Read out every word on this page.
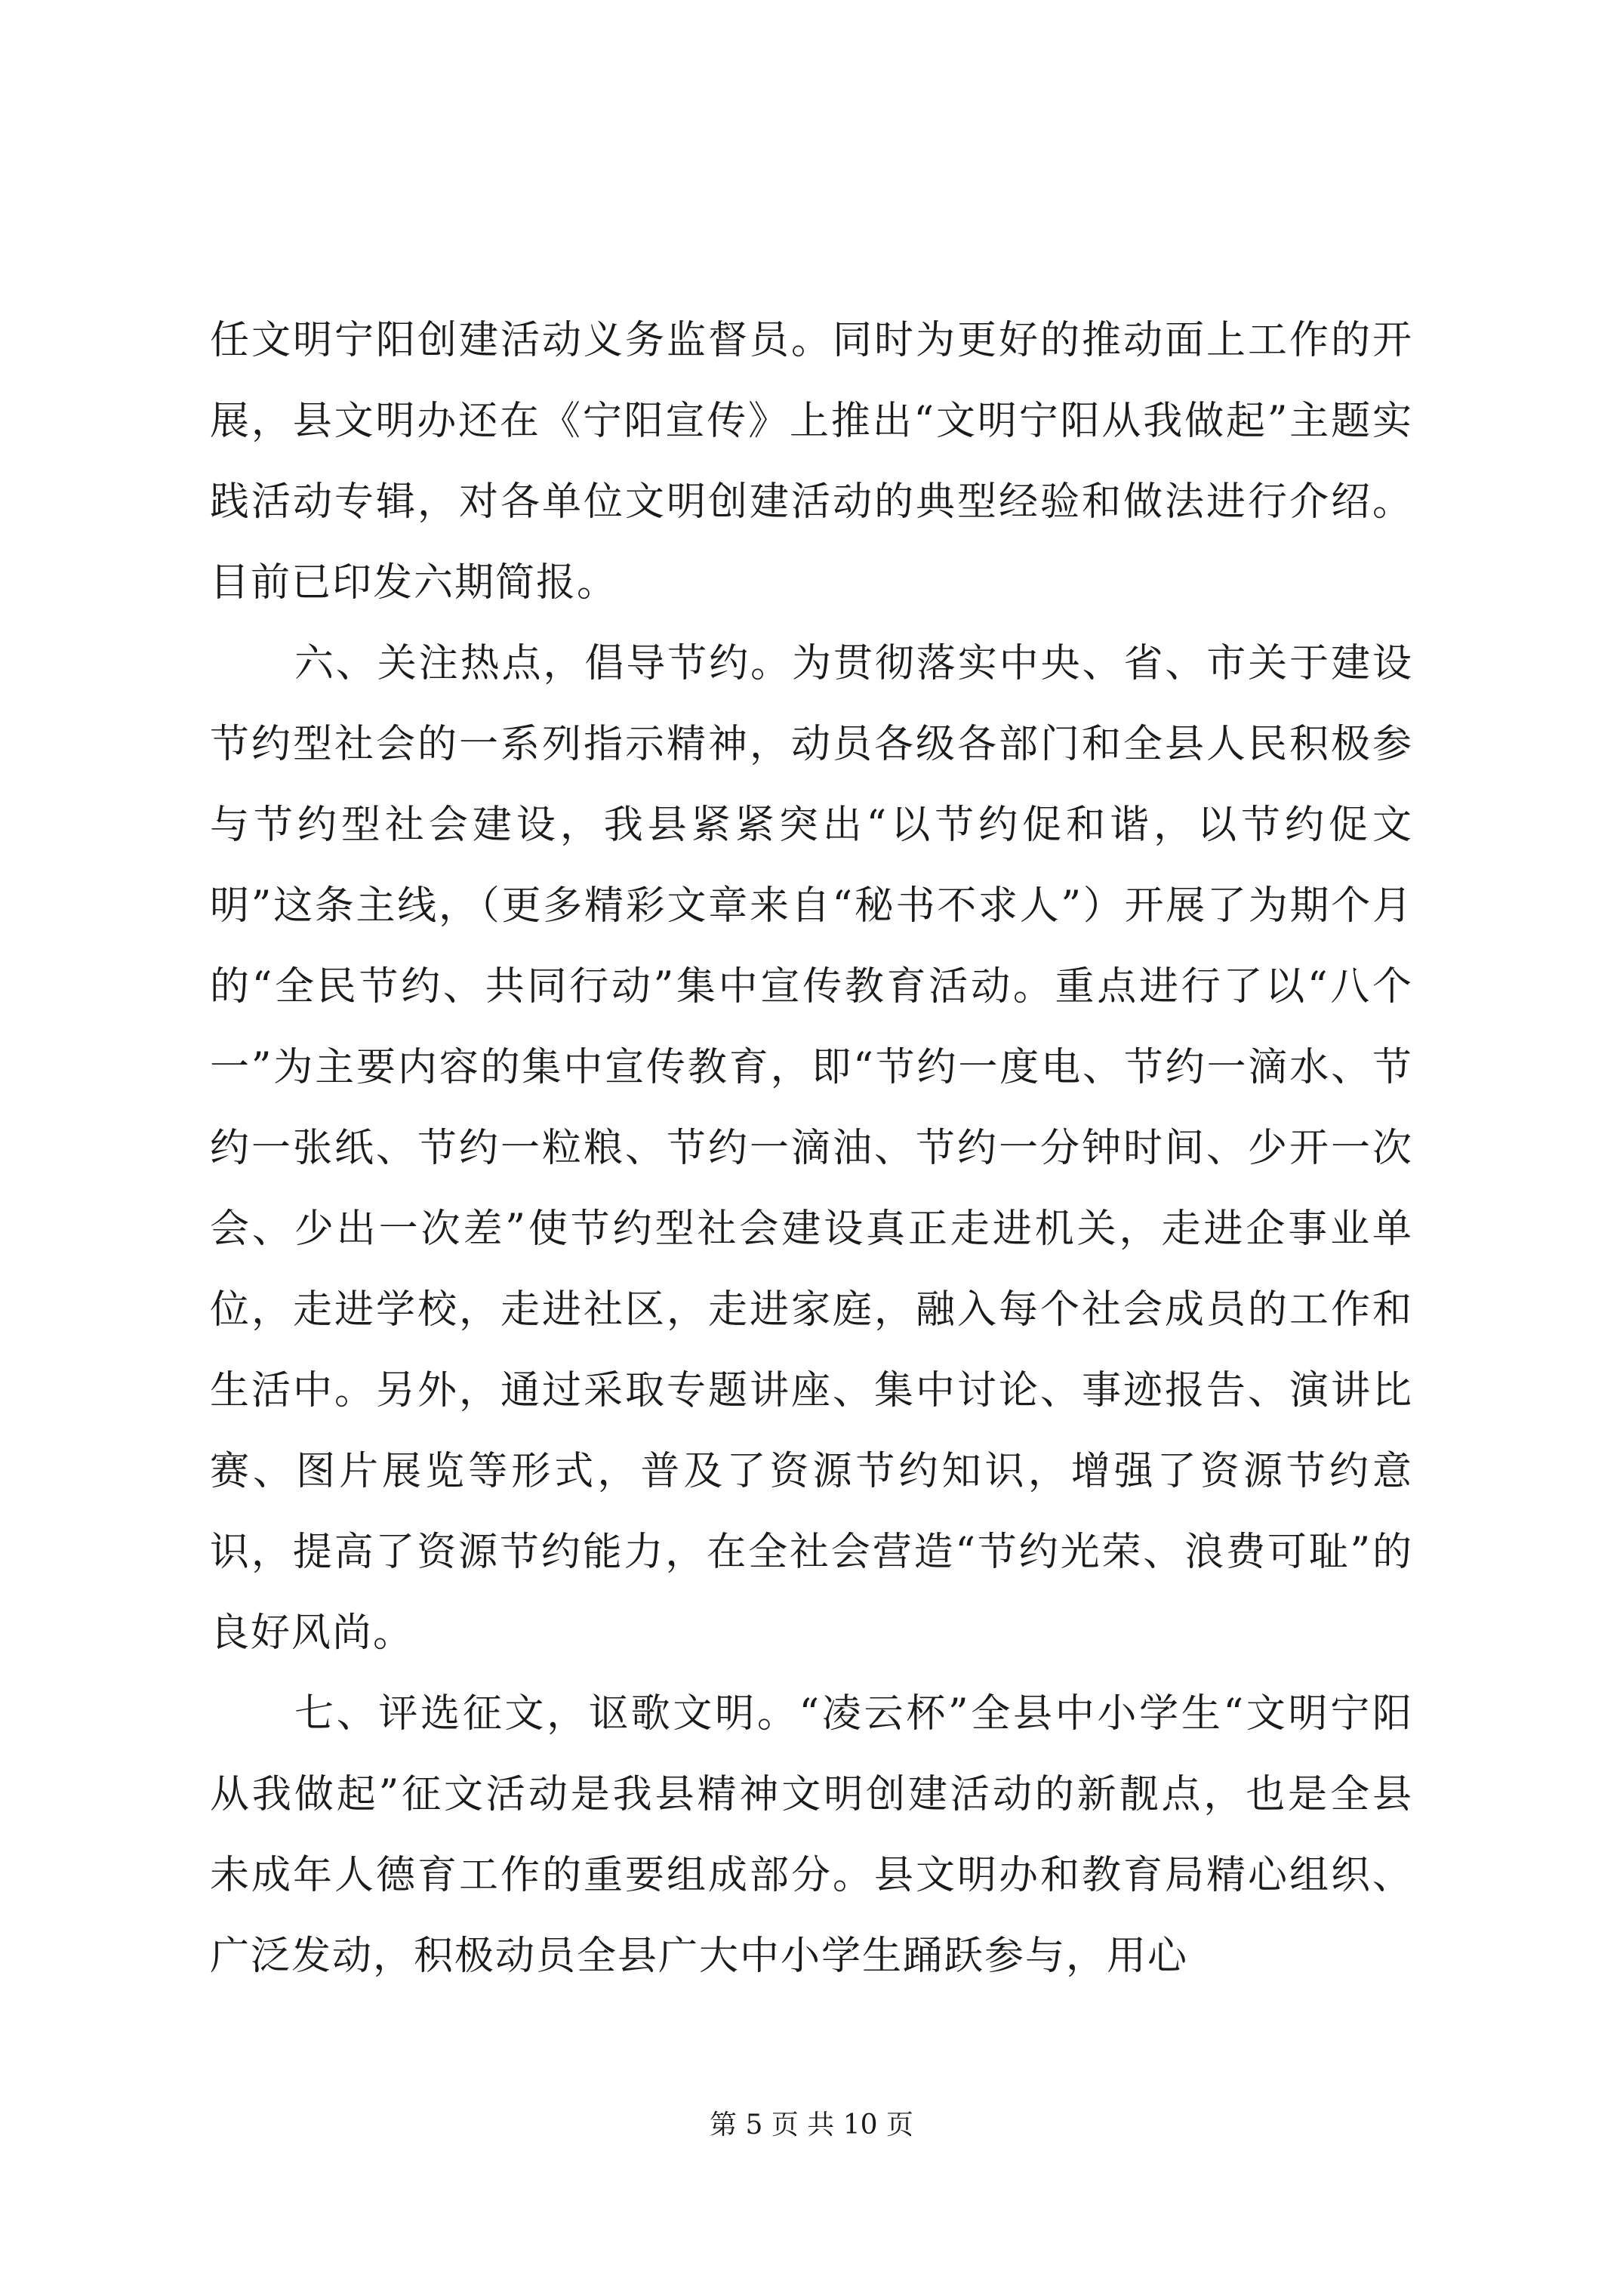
任文明宁阳创建活动义务监督员。同时为更好的推动面上工作的开展，县文明办还在《宁阳宣传》上推出“文明宁阳从我做起”主题实践活动专辑，对各单位文明创建活动的典型经验和做法进行介绍。目前已印发六期简报。

六、关注热点，倡导节约。为贯彻落实中央、省、市关于建设节约型社会的一系列指示精神，动员各级各部门和全县人民积极参与节约型社会建设，我县紧紧突出“以节约促和谐，以节约促文明”这条主线，（更多精彩文章来自“秘书不求人”）开展了为期个月的“全民节约、共同行动”集中宣传教育活动。重点进行了以“八个一”为主要内容的集中宣传教育，即“节约一度电、节约一滴水、节约一张纸、节约一粒粮、节约一滴油、节约一分钟时间、少开一次会、少出一次差”使节约型社会建设真正走进机关，走进企事业单位，走进学校，走进社区，走进家庭，融入每个社会成员的工作和生活中。另外，通过采取专题讲座、集中讨论、事迹报告、演讲比赛、图片展览等形式，普及了资源节约知识，增强了资源节约意识，提高了资源节约能力，在全社会营造“节约光荣、浪费可耻”的良好风尚。

七、评选征文，讴歌文明。“凌云杯”全县中小学生“文明宁阳从我做起”征文活动是我县精神文明创建活动的新靓点，也是全县未成年人德育工作的重要组成部分。县文明办和教育局精心组织、广泛发动，积极动员全县广大中小学生踊跃参与，用心

第 5 页 共 10 页
